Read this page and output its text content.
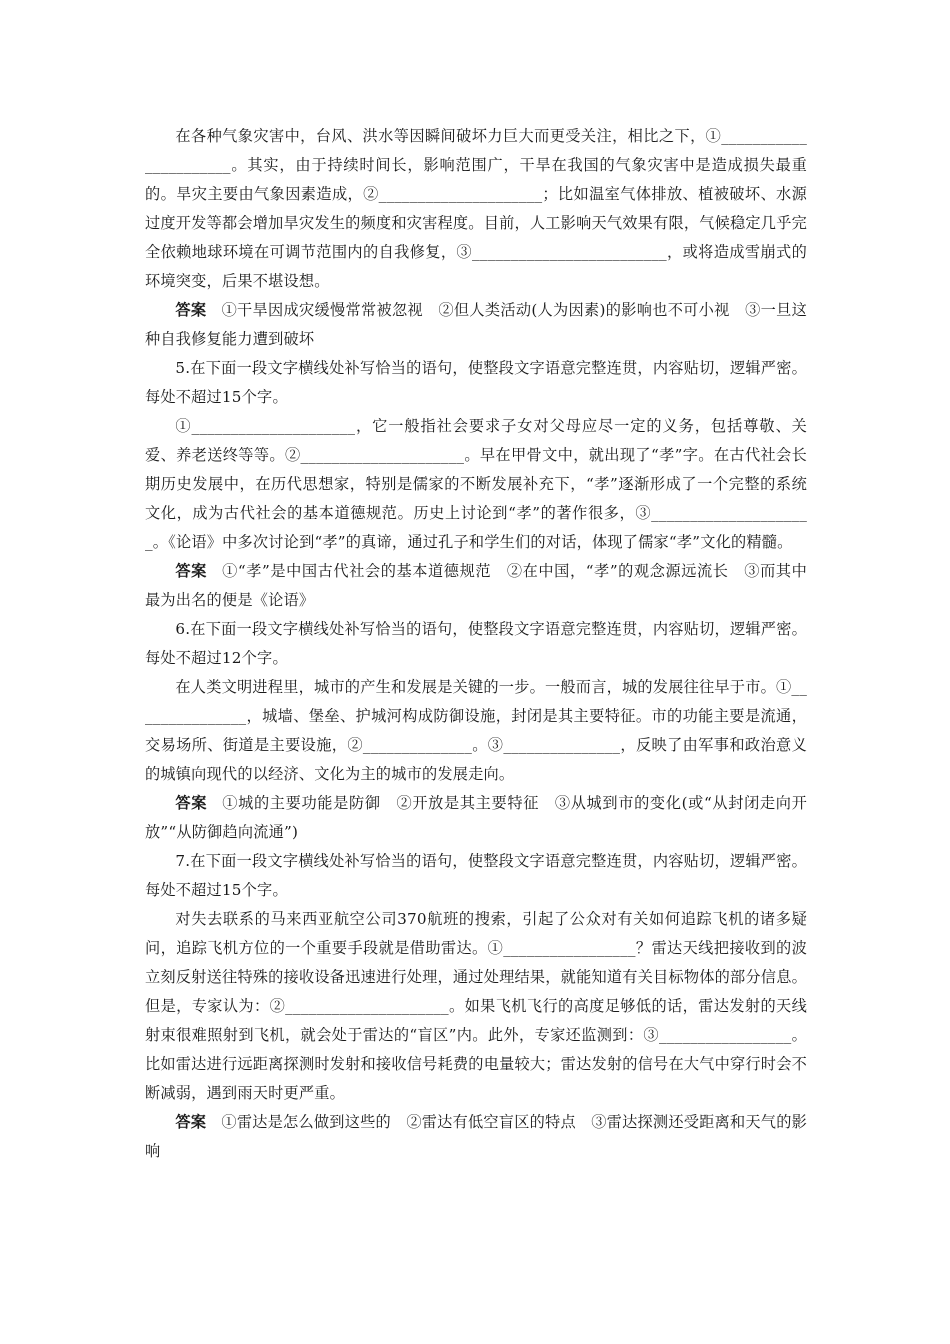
在各种气象灾害中，台风、洪水等因瞬间破坏力巨大而更受关注，相比之下，①______________________。其实，由于持续时间长，影响范围广，干旱在我国的气象灾害中是造成损失最重的。旱灾主要由气象因素造成，②_____________________；比如温室气体排放、植被破坏、水源过度开发等都会增加旱灾发生的频度和灾害程度。目前，人工影响天气效果有限，气候稳定几乎完全依赖地球环境在可调节范围内的自我修复，③_________________________，或将造成雪崩式的环境突变，后果不堪设想。

答案 ①干旱因成灾缓慢常常被忽视　②但人类活动(人为因素)的影响也不可小视　③一旦这种自我修复能力遭到破坏

5.在下面一段文字横线处补写恰当的语句，使整段文字语意完整连贯，内容贴切，逻辑严密。每处不超过15个字。

①_____________________，它一般指社会要求子女对父母应尽一定的义务，包括尊敬、关爱、养老送终等等。②_____________________。早在甲骨文中，就出现了“孝”字。在古代社会长期历史发展中，在历代思想家，特别是儒家的不断发展补充下，“孝”逐渐形成了一个完整的系统文化，成为古代社会的基本道德规范。历史上讨论到“孝”的著作很多，③_____________________。《论语》中多次讨论到“孝”的真谛，通过孔子和学生们的对话，体现了儒家“孝”文化的精髓。

答案 ①“孝”是中国古代社会的基本道德规范　②在中国，“孝”的观念源远流长　③而其中最为出名的便是《论语》

6.在下面一段文字横线处补写恰当的语句，使整段文字语意完整连贯，内容贴切，逻辑严密。每处不超过12个字。

在人类文明进程里，城市的产生和发展是关键的一步。一般而言，城的发展往往早于市。①_______________，城墙、堡垒、护城河构成防御设施，封闭是其主要特征。市的功能主要是流通，交易场所、街道是主要设施，②______________。③_______________，反映了由军事和政治意义的城镇向现代的以经济、文化为主的城市的发展走向。

答案 ①城的主要功能是防御　②开放是其主要特征　③从城到市的变化(或“从封闭走向开放”“从防御趋向流通”)

7.在下面一段文字横线处补写恰当的语句，使整段文字语意完整连贯，内容贴切，逻辑严密。每处不超过15个字。

对失去联系的马来西亚航空公司370航班的搜索，引起了公众对有关如何追踪飞机的诸多疑问，追踪飞机方位的一个重要手段就是借助雷达。①_________________？雷达天线把接收到的波立刻反射送往特殊的接收设备迅速进行处理，通过处理结果，就能知道有关目标物体的部分信息。但是，专家认为：②_____________________。如果飞机飞行的高度足够低的话，雷达发射的天线射束很难照射到飞机，就会处于雷达的“盲区”内。此外，专家还监测到：③_________________。比如雷达进行远距离探测时发射和接收信号耗费的电量较大；雷达发射的信号在大气中穿行时会不断减弱，遇到雨天时更严重。

答案 ①雷达是怎么做到这些的　②雷达有低空盲区的特点　③雷达探测还受距离和天气的影响
